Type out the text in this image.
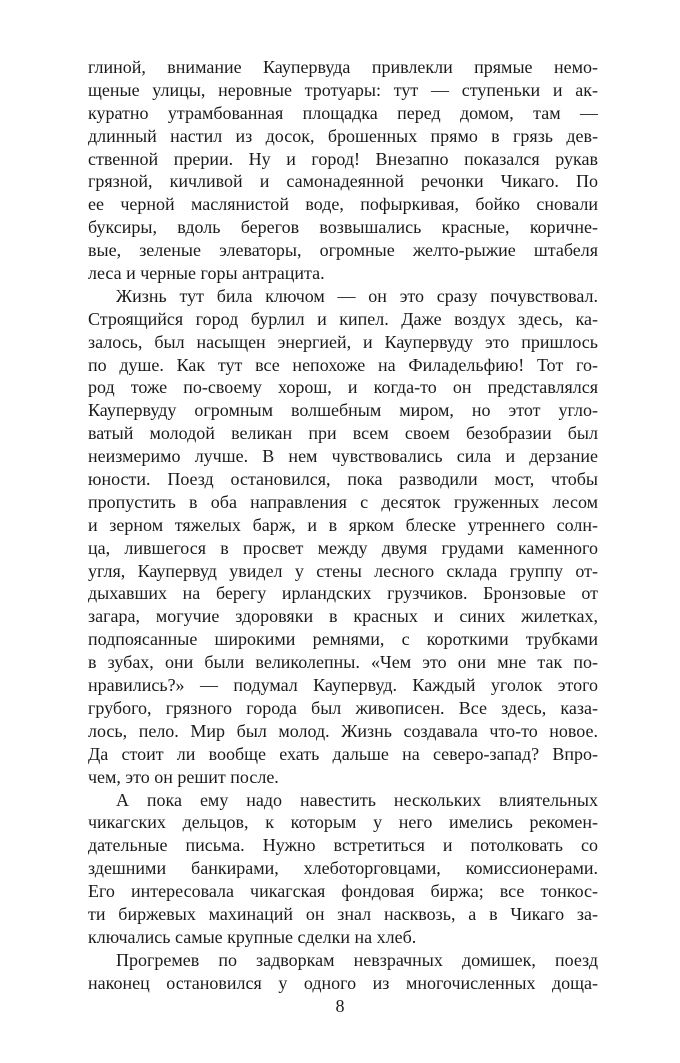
глиной, внимание Каупервуда привлекли прямые немо-
щеные улицы, неровные тротуары: тут — ступеньки и ак-
куратно утрамбованная площадка перед домом, там —
длинный настил из досок, брошенных прямо в грязь дев-
ственной прерии. Ну и город! Внезапно показался рукав
грязной, кичливой и самонадеянной речонки Чикаго. По
ее черной маслянистой воде, пофыркивая, бойко сновали
буксиры, вдоль берегов возвышались красные, коричне-
вые, зеленые элеваторы, огромные желто-рыжие штабеля
леса и черные горы антрацита.
Жизнь тут била ключом — он это сразу почувствовал.
Строящийся город бурлил и кипел. Даже воздух здесь, ка-
залось, был насыщен энергией, и Каупервуду это пришлось
по душе. Как тут все непохоже на Филадельфию! Тот го-
род тоже по-своему хорош, и когда-то он представлялся
Каупервуду огромным волшебным миром, но этот угло-
ватый молодой великан при всем своем безобразии был
неизмеримо лучше. В нем чувствовались сила и дерзание
юности. Поезд остановился, пока разводили мост, чтобы
пропустить в оба направления с десяток груженных лесом
и зерном тяжелых барж, и в ярком блеске утреннего солн-
ца, лившегося в просвет между двумя грудами каменного
угля, Каупервуд увидел у стены лесного склада группу от-
дыхавших на берегу ирландских грузчиков. Бронзовые от
загара, могучие здоровяки в красных и синих жилетках,
подпоясанные широкими ремнями, с короткими трубками
в зубах, они были великолепны. «Чем это они мне так по-
нравились?» — подумал Каупервуд. Каждый уголок этого
грубого, грязного города был живописен. Все здесь, каза-
лось, пело. Мир был молод. Жизнь создавала что-то новое.
Да стоит ли вообще ехать дальше на северо-запад? Впро-
чем, это он решит после.
А пока ему надо навестить нескольких влиятельных
чикагских дельцов, к которым у него имелись рекомен-
дательные письма. Нужно встретиться и потолковать со
здешними банкирами, хлеботорговцами, комиссионерами.
Его интересовала чикагская фондовая биржа; все тонкос-
ти биржевых махинаций он знал насквозь, а в Чикаго за-
ключались самые крупные сделки на хлеб.
Прогремев по задворкам невзрачных домишек, поезд
наконец остановился у одного из многочисленных доща-
8
